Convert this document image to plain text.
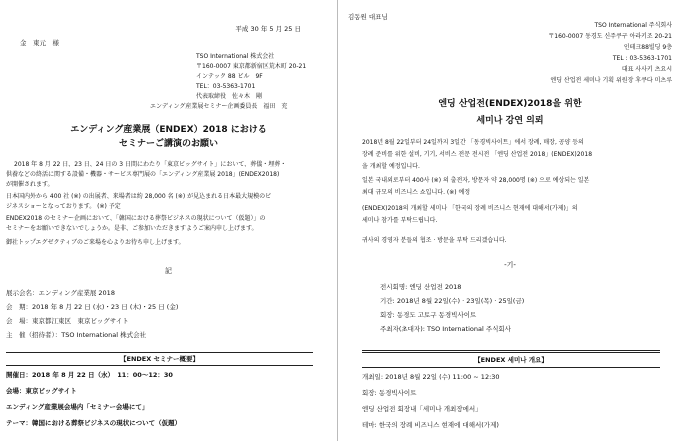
平成 30 年 5 月 25 日
金　東元　様
TSO International 株式会社
〒160-0007 東京都新宿区荒木町 20-21
インテック 88 ビル　9F
TEL：03-5363-1701
代表取締役　佐々木　剛
エンディング産業展セミナー企画委員長　福田　充
エンディング産業展（ENDEX）2018 における
セミナーご講演のお願い
2018 年 8 月 22 日、23 日、24 日の 3 日間にわたり「東京ビッグサイト」において、葬儀・埋葬・
供養などの終活に関する設備・機器・サービス専門展の「エンディング産業展 2018」(ENDEX2018)
が開催されます。
日本国内外から 400 社 (※) の出展者、来場者は約 28,000 名 (※) が見込まれる日本最大規模のビ
ジネスショーとなっております。 (※) 予定
ENDEX2018 のセミナー企画において、「韓国における葬祭ビジネスの現状について（仮題）」の
セミナーをお願いできないでしょうか。是非、ご参加いただきますようご案内申し上げます。
御社トップエグゼクティブのご来場を心よりお待ち申し上げます。
記
展示会名：エンディング産業展 2018
会　期：2018 年 8 月 22 日 (水)・23 日 (木)・25 日 (金)
会　場：東京都江東区　東京ビッグサイト
主　催（招待者）：TSO International 株式会社
【ENDEX セミナー概要】
開催日：2018 年 8 月 22 日（水）　11：00～12：30
会場：東京ビッグサイト
エンディング産業展会場内「セミナー会場にて」
テーマ：韓国における葬祭ビジネスの現状について（仮題）
김동원 대표님
TSO International 주식회사
〒160-0007 동경도 신주쿠구 아라키조 20-21
인테크88빌딩 9층
TEL : 03-5363-1701
대표 사사키 츠요시
엔딩 산업전 세미나 기획 위원장 후쿠다 미츠루
엔딩 산업전(ENDEX)2018을 위한
세미나 강연 의뢰
2018년 8월 22일부터 24일까지 3일간 「동경빅사이트」에서 장례, 매장, 공양 등의
장례 준비를 위한 설비, 기기, 서비스 전문 전시전 「엔딩 산업전 2018」(ENDEX)2018
을 개최할 예정입니다.
일본 국내외로부터 400사 (※) 의 출전자, 방문자 약 28,000명 (※) 으로 예상되는 일본
최대 규모의 비즈니스 쇼입니다. (※) 예정
(ENDEX)2018의 개최할 세미나 「한국의 장례 비즈니스 현재에 대해서(가제)」의
세미나 참가를 부탁드립니다.
귀사의 경영자 분들의 협조 · 방문을 부탁 드리겠습니다.
-기-
전시회명: 엔딩 산업전 2018
기간: 2018년 8월 22일(수) · 23일(목) · 25일(금)
회장: 동경도 고토구 동경빅사이트
주최자(초대자): TSO International 주식회사
【ENDEX 세미나 개요】
개최일: 2018년 8월 22일 (수) 11:00 ~ 12:30
회장: 동경빅사이트
엔딩 산업전 회장내「세미나 개최장에서」
테마: 한국의 장례 비즈니스 현재에 대해서(가제)
